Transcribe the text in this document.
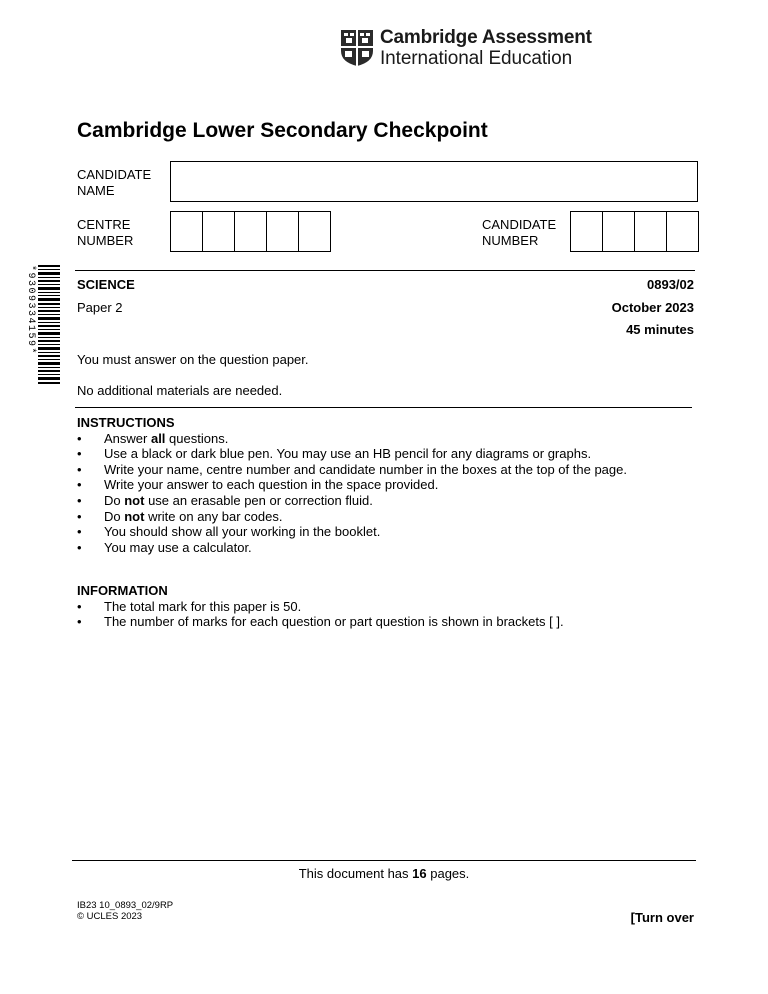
Cambridge Assessment
International Education
Cambridge Lower Secondary Checkpoint
CANDIDATE
NAME
CENTRE
NUMBER
CANDIDATE
NUMBER
*9309334159*	SCIENCE	0893/02
Paper 2	October 2023
45 minutes
You must answer on the question paper.
No additional materials are needed.
INSTRUCTIONS
•	Answer all questions.
•	Use a black or dark blue pen. You may use an HB pencil for any diagrams or graphs.
•	Write your name, centre number and candidate number in the boxes at the top of the page.
•	Write your answer to each question in the space provided.
•	Do not use an erasable pen or correction fluid.
•	Do not write on any bar codes.
•	You should show all your working in the booklet.
•	You may use a calculator.
INFORMATION
•	The total mark for this paper is 50.
•	The number of marks for each question or part question is shown in brackets [ ].
This document has 16 pages.
IB23 10_0893_02/9RP
© UCLES 2023	[Turn over
